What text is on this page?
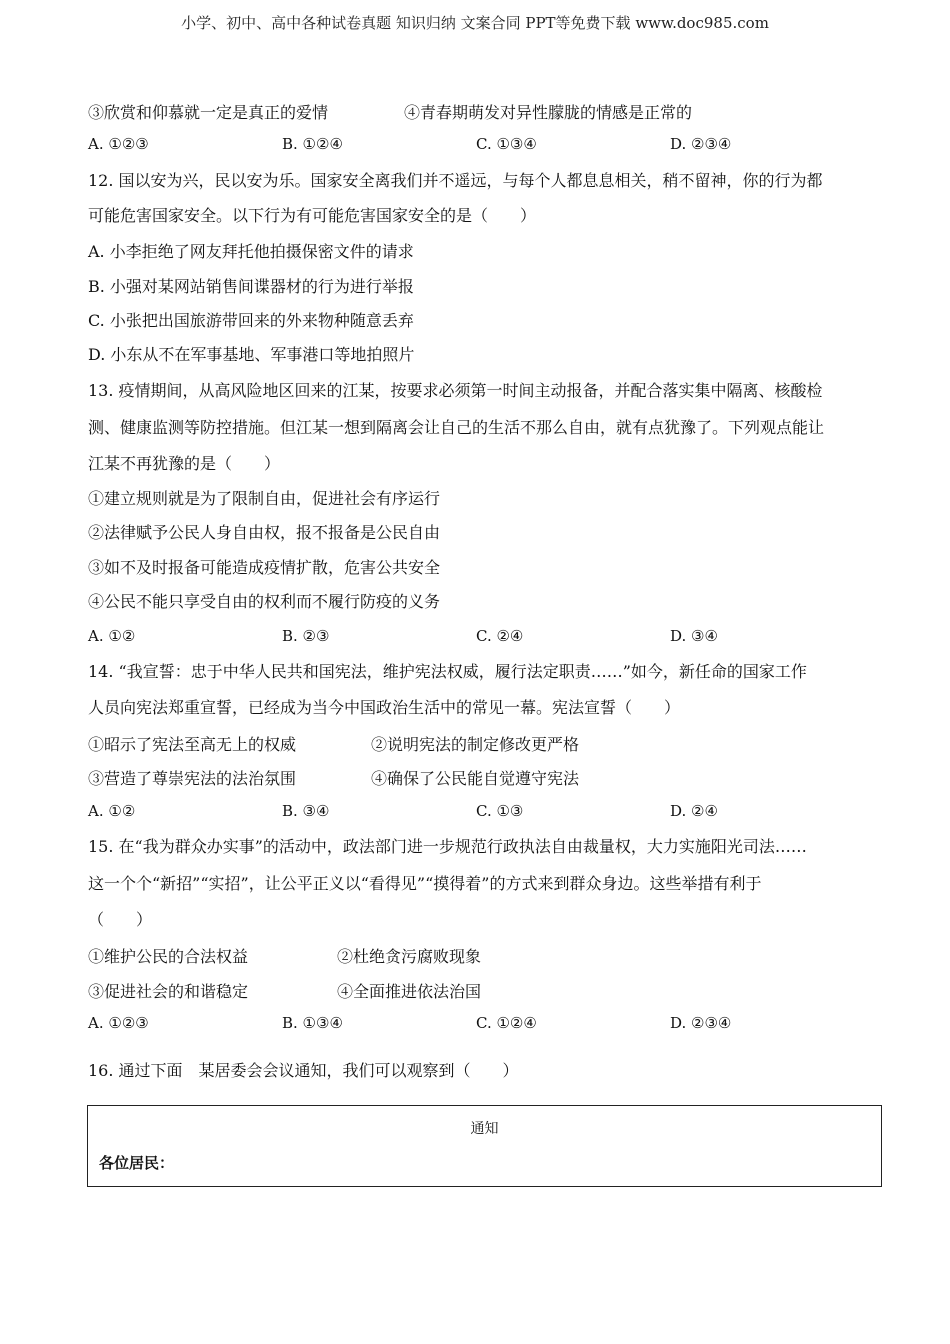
小学、初中、高中各种试卷真题 知识归纳 文案合同 PPT等免费下载 www.doc985.com
③欣赏和仰慕就一定是真正的爱情	④青春期萌发对异性朦胧的情感是正常的
A. ①②③	B. ①②④	C. ①③④	D. ②③④
12. 国以安为兴，民以安为乐。国家安全离我们并不遥远，与每个人都息息相关，稍不留神，你的行为都
可能危害国家安全。以下行为有可能危害国家安全的是（　　）
A. 小李拒绝了网友拜托他拍摄保密文件的请求
B. 小强对某网站销售间谍器材的行为进行举报
C. 小张把出国旅游带回来的外来物种随意丢弃
D. 小东从不在军事基地、军事港口等地拍照片
13. 疫情期间，从高风险地区回来的江某，按要求必须第一时间主动报备，并配合落实集中隔离、核酸检
测、健康监测等防控措施。但江某一想到隔离会让自己的生活不那么自由，就有点犹豫了。下列观点能让
江某不再犹豫的是（　　）
①建立规则就是为了限制自由，促进社会有序运行
②法律赋予公民人身自由权，报不报备是公民自由
③如不及时报备可能造成疫情扩散，危害公共安全
④公民不能只享受自由的权利而不履行防疫的义务
A. ①②	B. ②③	C. ②④	D. ③④
14. “我宣誓：忠于中华人民共和国宪法，维护宪法权威，履行法定职责……”如今，新任命的国家工作
人员向宪法郑重宣誓，已经成为当今中国政治生活中的常见一幕。宪法宣誓（　　）
①昭示了宪法至高无上的权威	②说明宪法的制定修改更严格
③营造了尊崇宪法的法治氛围	④确保了公民能自觉遵守宪法
A. ①②	B. ③④	C. ①③	D. ②④
15. 在“我为群众办实事”的活动中，政法部门进一步规范行政执法自由裁量权，大力实施阳光司法……
这一个个“新招”“实招”，让公平正义以“看得见”“摸得着”的方式来到群众身边。这些举措有利于
（　　）
①维护公民的合法权益	②杜绝贪污腐败现象
③促进社会的和谐稳定	④全面推进依法治国
A. ①②③	B. ①③④	C. ①②④	D. ②③④
16. 通过下面　某居委会会议通知，我们可以观察到（　　）
通知
各位居民：
